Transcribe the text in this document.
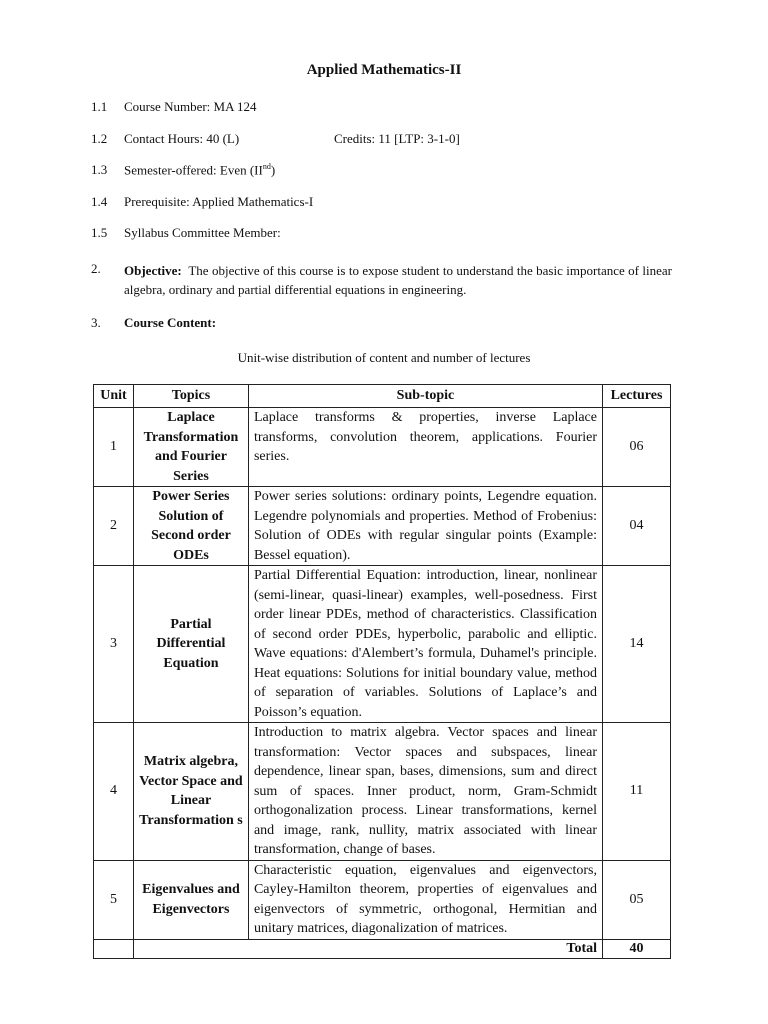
Applied Mathematics-II
1.1 Course Number: MA 124
1.2 Contact Hours: 40 (L)	Credits: 11 [LTP: 3-1-0]
1.3 Semester-offered: Even (IInd)
1.4 Prerequisite: Applied Mathematics-I
1.5 Syllabus Committee Member:
2. Objective: The objective of this course is to expose student to understand the basic importance of linear algebra, ordinary and partial differential equations in engineering.
3. Course Content:
Unit-wise distribution of content and number of lectures
Unit	Topics	Sub-topic	Lectures
1	Laplace Transformation and Fourier Series	Laplace transforms & properties, inverse Laplace transforms, convolution theorem, applications. Fourier series.	06
2	Power Series Solution of Second order ODEs	Power series solutions: ordinary points, Legendre equation. Legendre polynomials and properties. Method of Frobenius: Solution of ODEs with regular singular points (Example: Bessel equation).	04
3	Partial Differential Equation	Partial Differential Equation: introduction, linear, nonlinear (semi-linear, quasi-linear) examples, well-posedness. First order linear PDEs, method of characteristics. Classification of second order PDEs, hyperbolic, parabolic and elliptic. Wave equations: d'Alembert’s formula, Duhamel's principle. Heat equations: Solutions for initial boundary value, method of separation of variables. Solutions of Laplace’s and Poisson’s equation.	14
4	Matrix algebra, Vector Space and Linear Transformation s	Introduction to matrix algebra. Vector spaces and linear transformation: Vector spaces and subspaces, linear dependence, linear span, bases, dimensions, sum and direct sum of spaces. Inner product, norm, Gram-Schmidt orthogonalization process. Linear transformations, kernel and image, rank, nullity, matrix associated with linear transformation, change of bases.	11
5	Eigenvalues and Eigenvectors	Characteristic equation, eigenvalues and eigenvectors, Cayley-Hamilton theorem, properties of eigenvalues and eigenvectors of symmetric, orthogonal, Hermitian and unitary matrices, diagonalization of matrices.	05
	Total		40
